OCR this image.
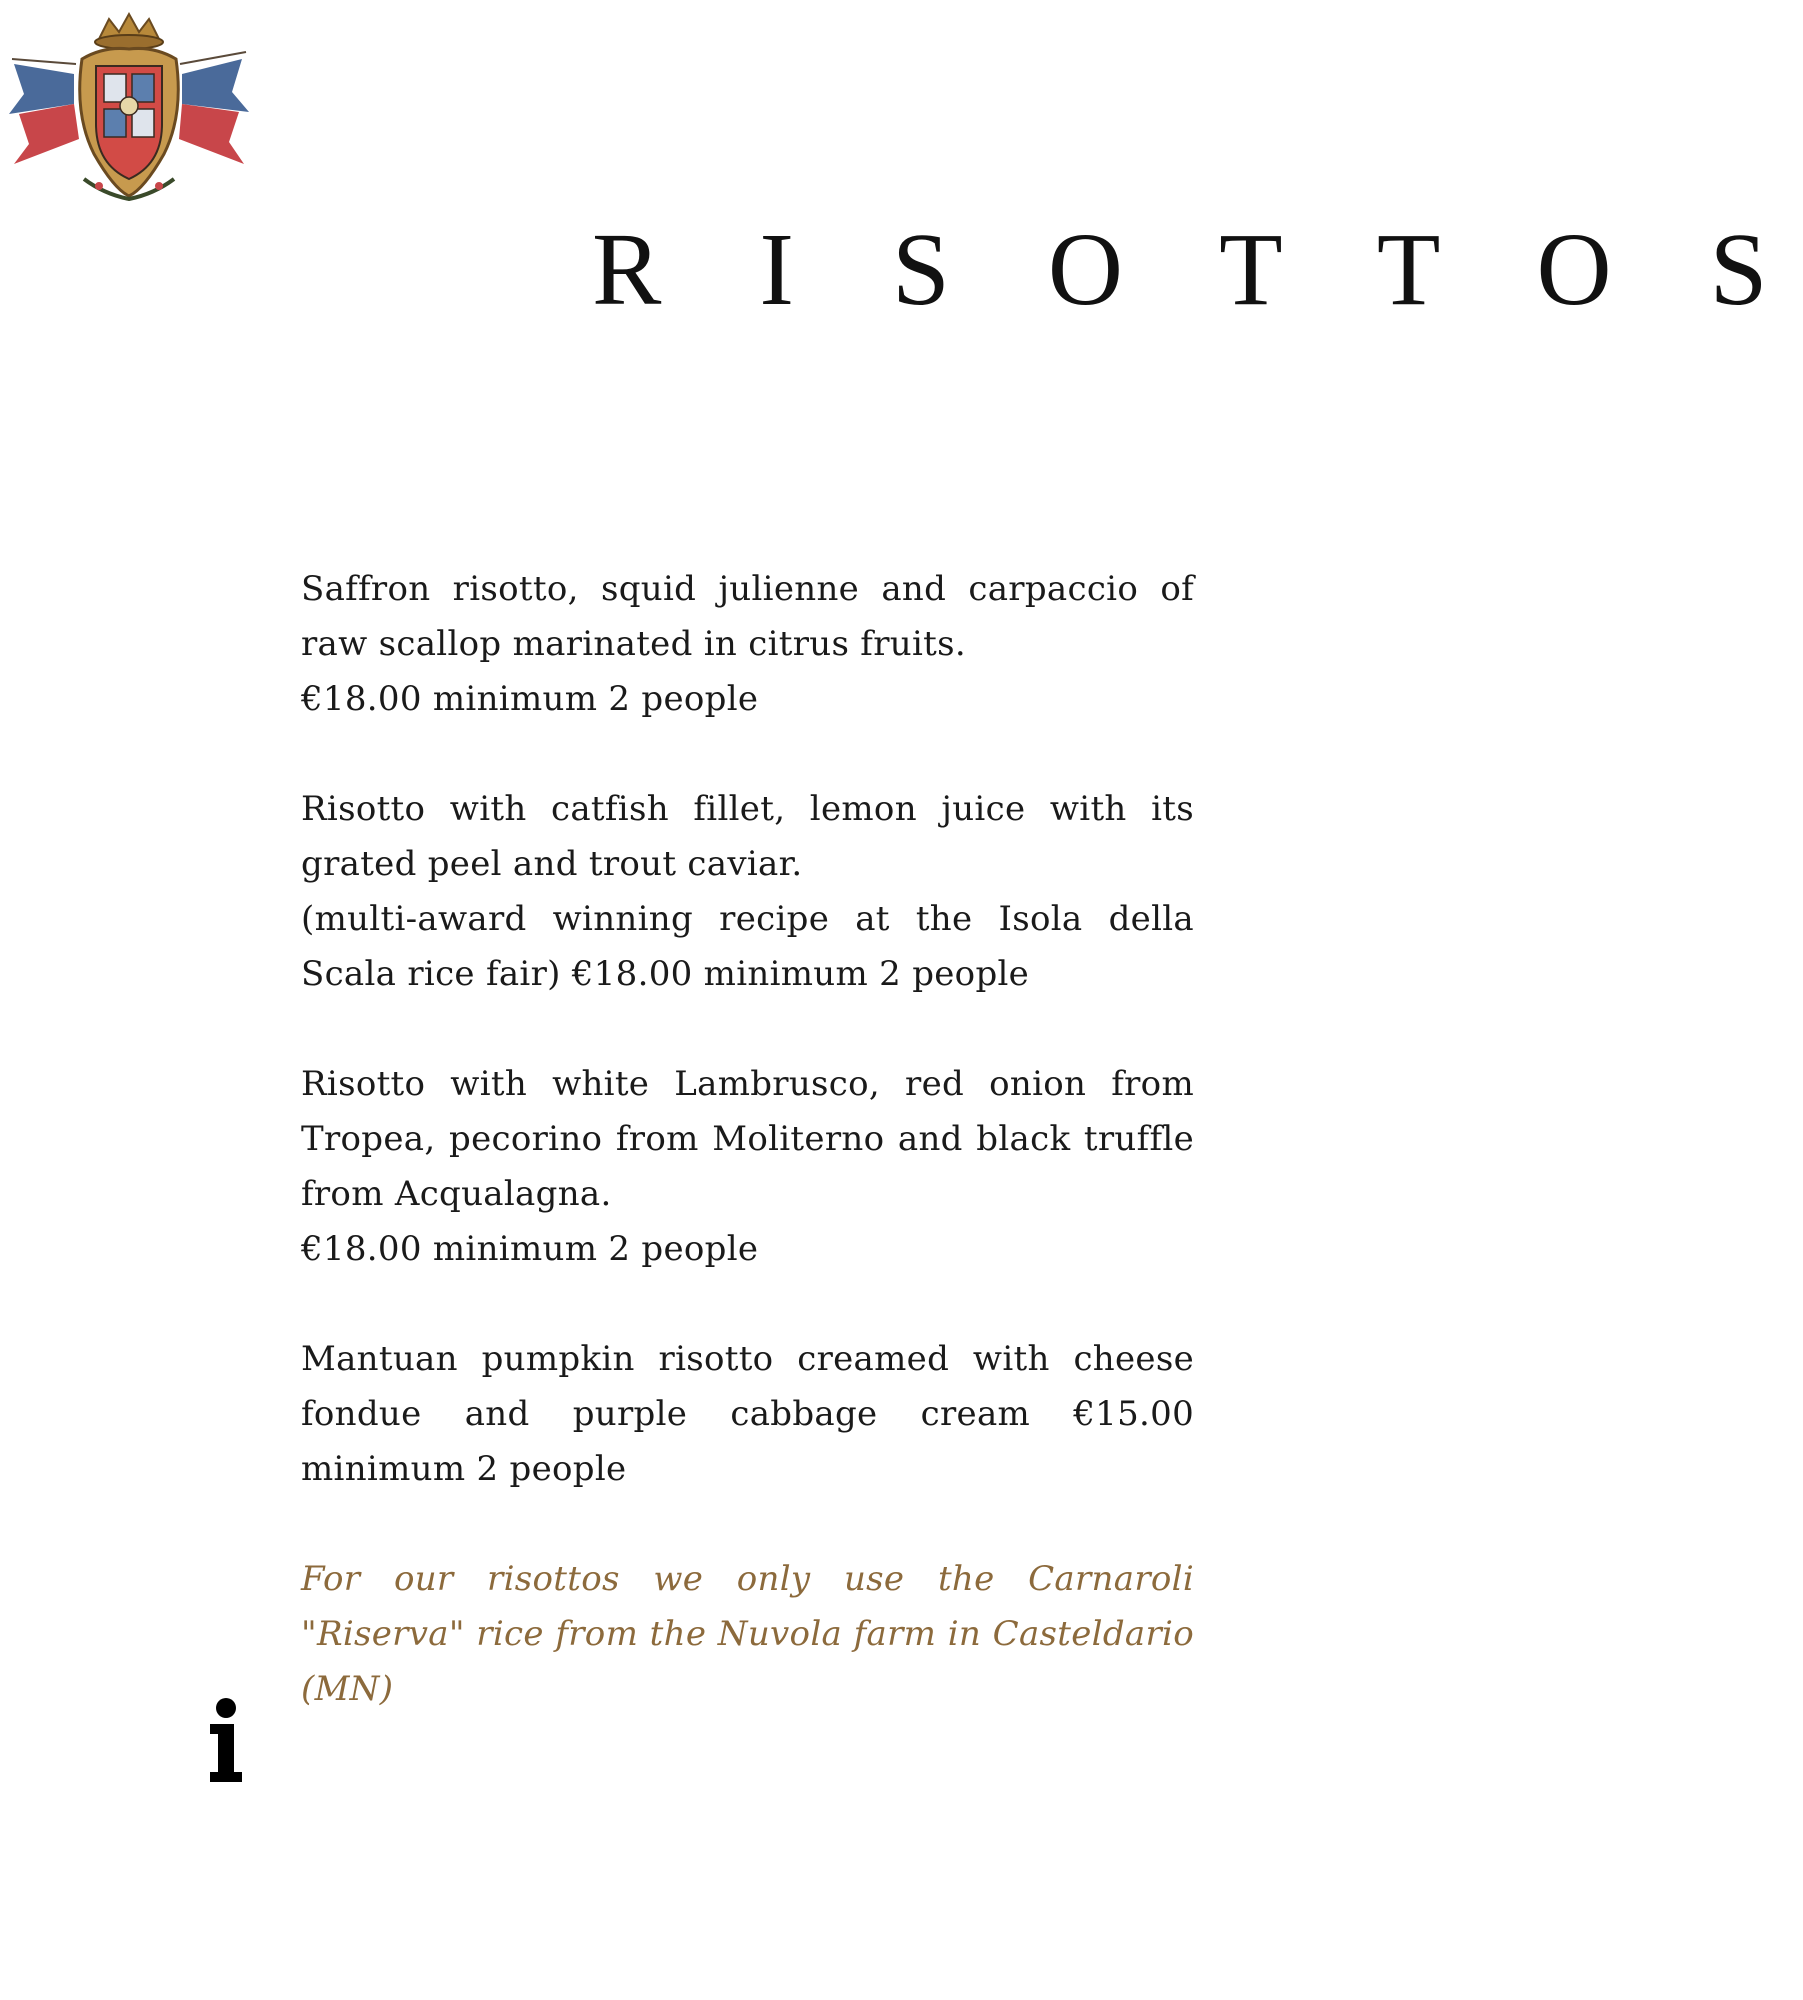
R I S O T T O S
Saffron risotto, squid julienne and carpaccio of raw scallop marinated in citrus fruits.
€18.00 minimum 2 people
Risotto with catfish fillet, lemon juice with its grated peel and trout caviar.
(multi-award winning recipe at the Isola della Scala rice fair) €18.00 minimum 2 people
Risotto with white Lambrusco, red onion from Tropea, pecorino from Moliterno and black truffle from Acqualagna.
€18.00 minimum 2 people
Mantuan pumpkin risotto creamed with cheese fondue and purple cabbage cream €15.00 minimum 2 people

For our risottos we only use the Carnaroli "Riserva" rice from the Nuvola farm in Casteldario (MN)
